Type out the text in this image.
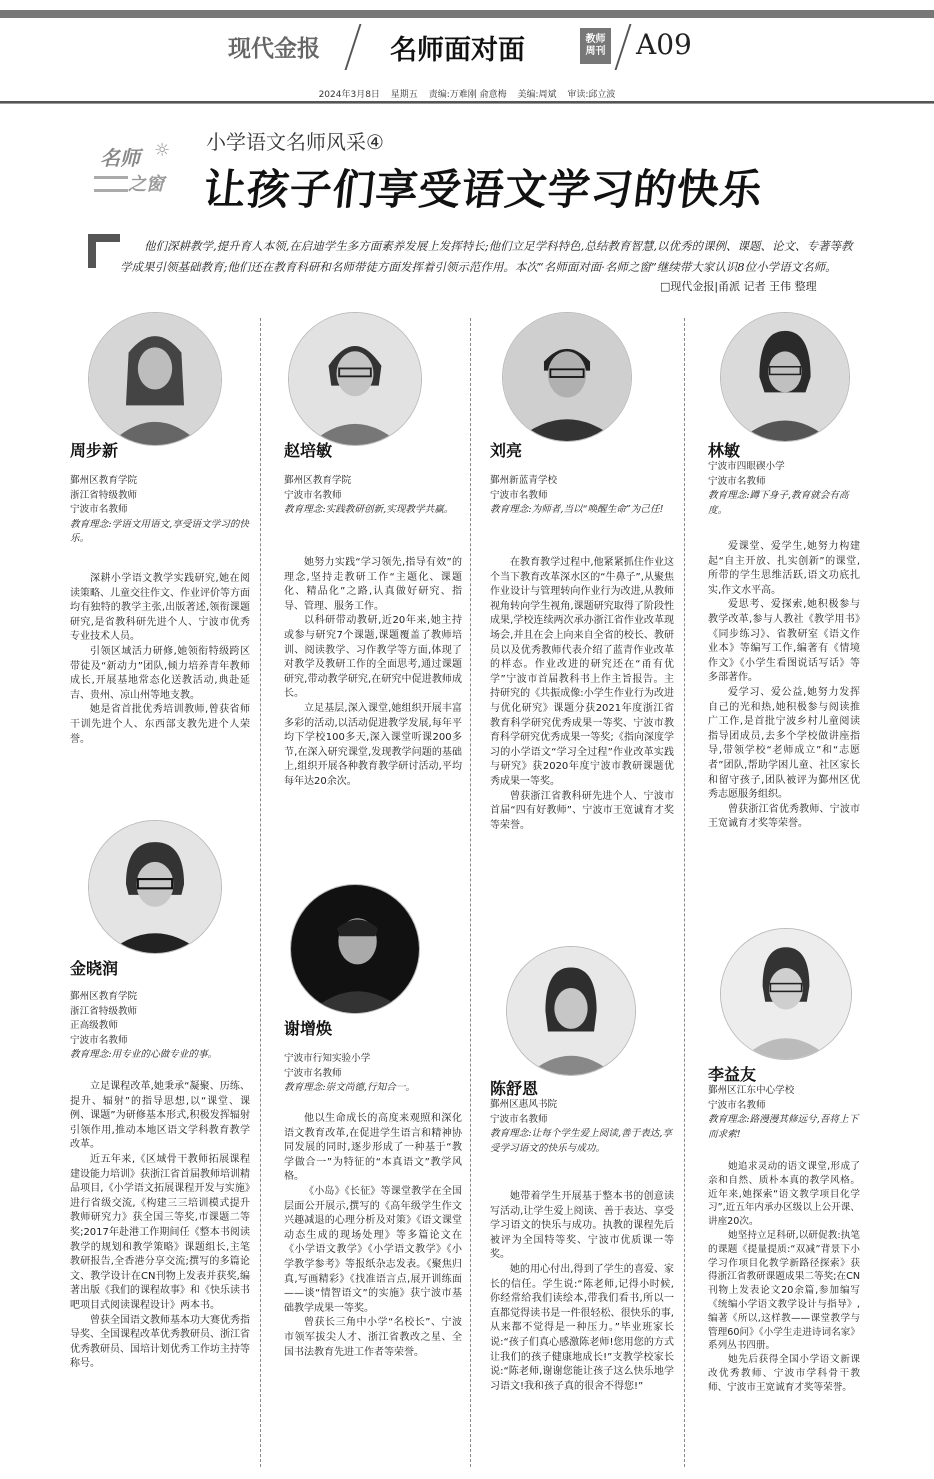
现代金报	名师面对面	教师
周刊 A09
2024年3月8日 星期五 责编:万难刚 俞意梅 美编:周斌 审读:邱立波
名师 ☼
之窗
小学语文名师风采④
让孩子们享受语文学习的快乐
他们深耕教学,提升育人本领,在启迪学生多方面素养发展上发挥特长;他们立足学科特色,总结教育智慧,以优秀的课例、课题、论文、专著等教学成果引领基础教育;他们还在教育科研和名师带徒方面发挥着引领示范作用。本次“名师面对面·名师之窗”继续带大家认识8位小学语文名师。
□现代金报|甬派 记者 王伟 整理
周步新
鄞州区教育学院
浙江省特级教师
宁波市名教师
教育理念:学语文用语文,享受语文学习的快乐。

深耕小学语文教学实践研究,她在阅读策略、儿童交往作文、作业评价等方面均有独特的教学主张,出版著述,领衔课题研究,是省教科研先进个人、宁波市优秀专业技术人员。

引领区域活力研修,她领衔特级跨区带徒及“新动力”团队,倾力培养青年教师成长,开展基地常态化送教活动,典赴延吉、贵州、凉山州等地支教。

她是省首批优秀培训教师,曾获省师干训先进个人、东西部支教先进个人荣誉。

赵培敏
鄞州区教育学院
宁波市名教师
教育理念:实践教研创新,实现教学共赢。

她努力实践“学习领先,指导有效”的理念,坚持走教研工作“主题化、课题化、精品化”之路,认真做好研究、指导、管理、服务工作。

以科研带动教研,近20年来,她主持或参与研究7个课题,课题覆盖了教师培训、阅读教学、习作教学等方面,体现了对教学及教研工作的全面思考,通过课题研究,带动教学研究,在研究中促进教师成长。

立足基层,深入课堂,她组织开展丰富多彩的活动,以活动促进教学发展,每年平均下学校100多天,深入课堂听课200多节,在深入研究课堂,发现教学问题的基础上,组织开展各种教育教学研讨活动,平均每年达20余次。

刘亮
鄞州新蓝青学校
宁波市名教师
教育理念:为师者,当以“唤醒生命”为己任!

在教育教学过程中,他紧紧抓住作业这个当下教育改革深水区的“牛鼻子”,从聚焦作业设计与管理转向作业行为改进,从教师视角转向学生视角,课题研究取得了阶段性成果,学校连续两次承办浙江省作业改革现场会,并且在会上向来自全省的校长、教研员以及优秀教师代表介绍了蓝青作业改革的样态。作业改进的研究还在“甬有优学”宁波市首届教科书上作主旨报告。主持研究的《共振成像:小学生作业行为改进与优化研究》课题分获2021年度浙江省教育科学研究优秀成果一等奖、宁波市教育科学研究优秀成果一等奖;《指向深度学习的小学语文“学习全过程”作业改革实践与研究》获2020年度宁波市教研课题优秀成果一等奖。

曾获浙江省教科研先进个人、宁波市首届“四有好教师”、宁波市王宽诚育才奖等荣誉。

林敏
宁波市四眼碶小学
宁波市名教师
教育理念:蹲下身子,教育就会有高度。

爱课堂、爱学生,她努力构建起“自主开放、扎实创新”的课堂,所带的学生思维活跃,语文功底扎实,作文水平高。

爱思考、爱探索,她积极参与教学改革,参与人教社《教学用书》《同步练习》、省教研室《语文作业本》等编写工作,编著有《情境作文》《小学生看图说话写话》等多部著作。

爱学习、爱公益,她努力发挥自己的光和热,她积极参与阅读推广工作,是首批宁波乡村儿童阅读指导团成员,去多个学校做讲座指导,带领学校“老师成立”和“志愿者”团队,帮助学困儿童、社区家长和留守孩子,团队被评为鄞州区优秀志愿服务组织。

曾获浙江省优秀教师、宁波市王宽诚育才奖等荣誉。

金晓润
鄞州区教育学院
浙江省特级教师
正高级教师
宁波市名教师
教育理念:用专业的心做专业的事。

立足课程改革,她秉承“凝聚、历练、提升、辐射”的指导思想,以“课堂、课例、课题”为研修基本形式,积极发挥辐射引领作用,推动本地区语文学科教育教学改革。

近五年来,《区域骨干教师拓展课程建设能力培训》获浙江省首届教师培训精品项目,《小学语文拓展课程开发与实施》进行省级交流,《构建三三培训模式提升教师研究力》获全国三等奖,市课题二等奖;2017年赴港工作期间任《整本书阅读教学的规划和教学策略》课题组长,主笔教研报告,全香港分享交流;撰写的多篇论文、教学设计在CN刊物上发表并获奖,编著出版《我们的课程故事》和《快乐读书吧项目式阅读课程设计》两本书。

曾获全国语文教师基本功大赛优秀指导奖、全国课程改革优秀教研员、浙江省优秀教研员、国培计划优秀工作坊主持等称号。

谢增焕
宁波市行知实验小学
宁波市名教师
教育理念:崇文尚德,行知合一。

他以生命成长的高度来观照和深化语文教育改革,在促进学生语言和精神协同发展的同时,逐步形成了一种基于“教学做合一”为特征的“本真语文”教学风格。

《小岛》《长征》等课堂教学在全国层面公开展示,撰写的《高年级学生作文兴趣减退的心理分析及对策》《语文课堂动态生成的现场处理》等多篇论文在《小学语文教学》《小学语文教学》《小学教学参考》等报纸杂志发表。《聚焦归真,写画精彩》《找准语言点,展开训练面——谈“情智语文”的实施》获宁波市基础教学成果一等奖。

曾获长三角中小学“名校长”、宁波市领军拔尖人才、浙江省教改之星、全国书法教育先进工作者等荣誉。

陈舒恩
鄞州区惠风书院
宁波市名教师
教育理念:让每个学生爱上阅读,善于表达,享受学习语文的快乐与成功。

她带着学生开展基于整本书的创意读写活动,让学生爱上阅读、善于表达、享受学习语文的快乐与成功。执教的课程先后被评为全国特等奖、宁波市优质课一等奖。

她的用心付出,得到了学生的喜爱、家长的信任。学生说:“陈老师,记得小时候,你经常给我们读绘本,带我们看书,所以一直都觉得读书是一件很轻松、很快乐的事,从来都不觉得是一种压力。”毕业班家长说:“孩子们真心感激陈老师!您用您的方式让我们的孩子健康地成长!”支教学校家长说:“陈老师,谢谢您能让孩子这么快乐地学习语文!我和孩子真的很舍不得您!”

李益友
鄞州区江东中心学校
宁波市名教师
教育理念:路漫漫其修远兮,吾将上下而求索!

她追求灵动的语文课堂,形成了亲和自然、质朴本真的教学风格。近年来,她探索“语文教学项目化学习”,近五年内承办区级以上公开课、讲座20次。

她坚持立足科研,以研促教:执笔的课题《提量提质:“双减”背景下小学习作项目化教学新路径探索》获得浙江省教研课题成果二等奖;在CN刊物上发表论文20余篇,参加编写《统编小学语文教学设计与指导》,编著《所以,这样教——课堂教学与管理60问》《小学生走进诗词名家》系列丛书四册。

她先后获得全国小学语文新课改优秀教师、宁波市学科骨干教师、宁波市王宽诚育才奖等荣誉。
